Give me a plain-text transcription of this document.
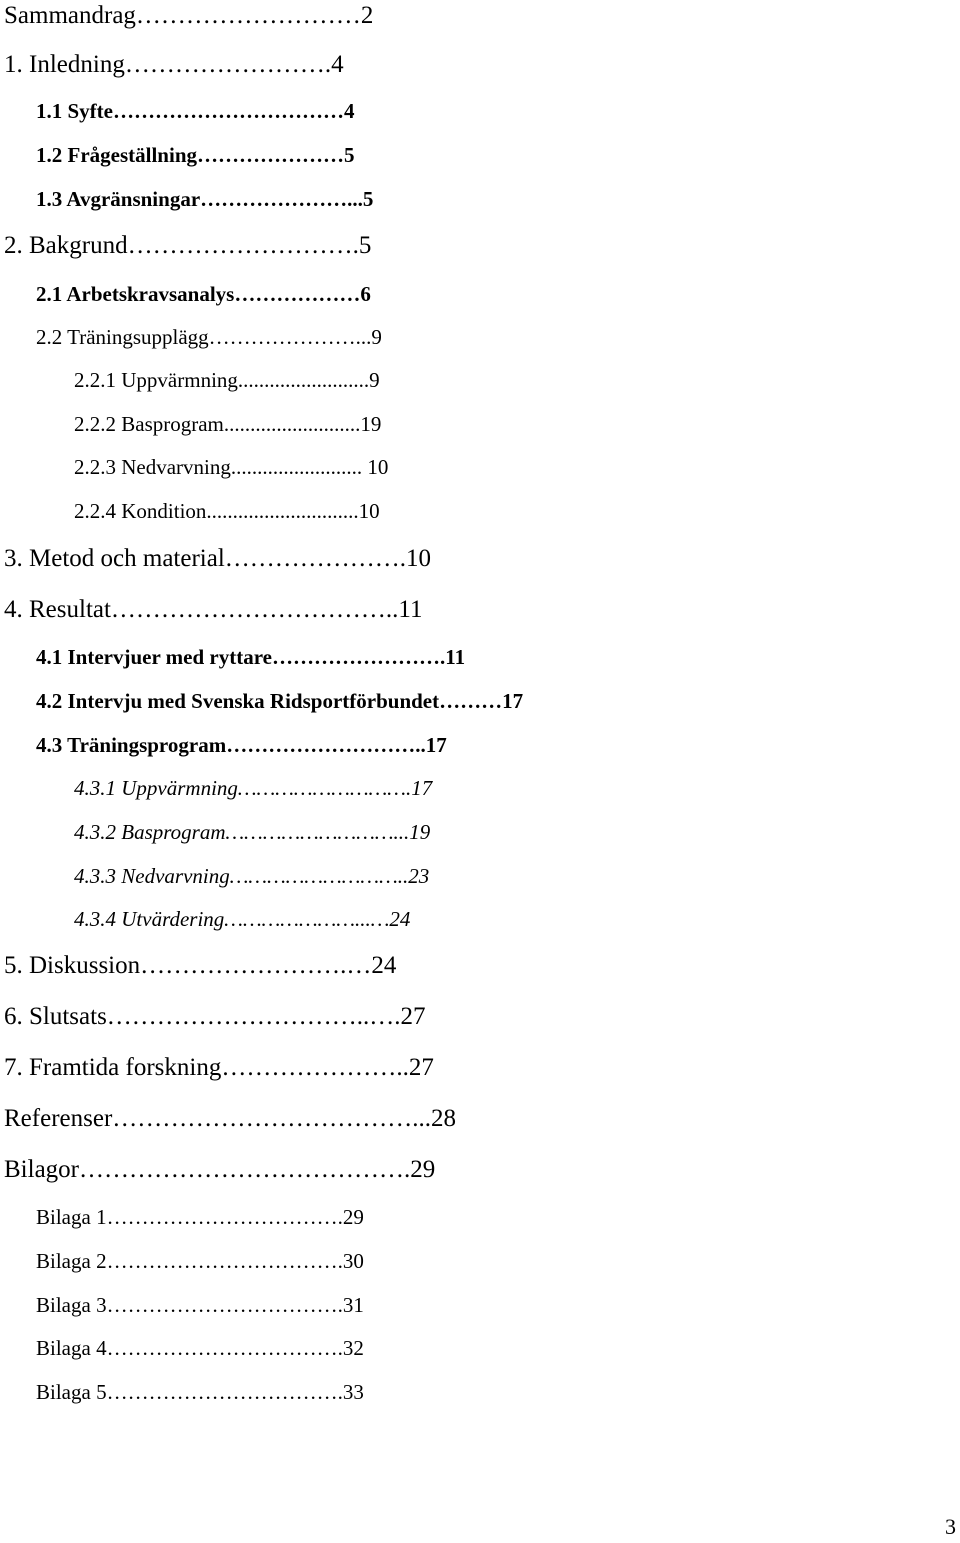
Sammandrag………………………2
1. Inledning…………………….4
1.1 Syfte……………………………4
1.2 Frågeställning…………………5
1.3 Avgränsningar…………………...5
2. Bakgrund……………………….5
2.1 Arbetskravsanalys………………6
2.2 Träningsupplägg…………………...9
2.2.1 Uppvärmning.........................9
2.2.2 Basprogram..........................19
2.2.3 Nedvarvning......................... 10
2.2.4 Kondition.............................10
3. Metod och material………………….10
4. Resultat……………………………..11
4.1 Intervjuer med ryttare…………………….11
4.2 Intervju med Svenska Ridsportförbundet………17
4.3 Träningsprogram………………………..17
4.3.1 Uppvärmning……………………….17
4.3.2 Basprogram………………………...19
4.3.3 Nedvarvning………………………..23
4.3.4 Utvärdering…………………...…24
5. Diskussion…………………….…24
6. Slutsats…………………………..….27
7. Framtida forskning…………………..27
Referenser………………………………...28
Bilagor………………………………….29
Bilaga 1…………………………….29
Bilaga 2…………………………….30
Bilaga 3…………………………….31
Bilaga 4…………………………….32
Bilaga 5…………………………….33
3
